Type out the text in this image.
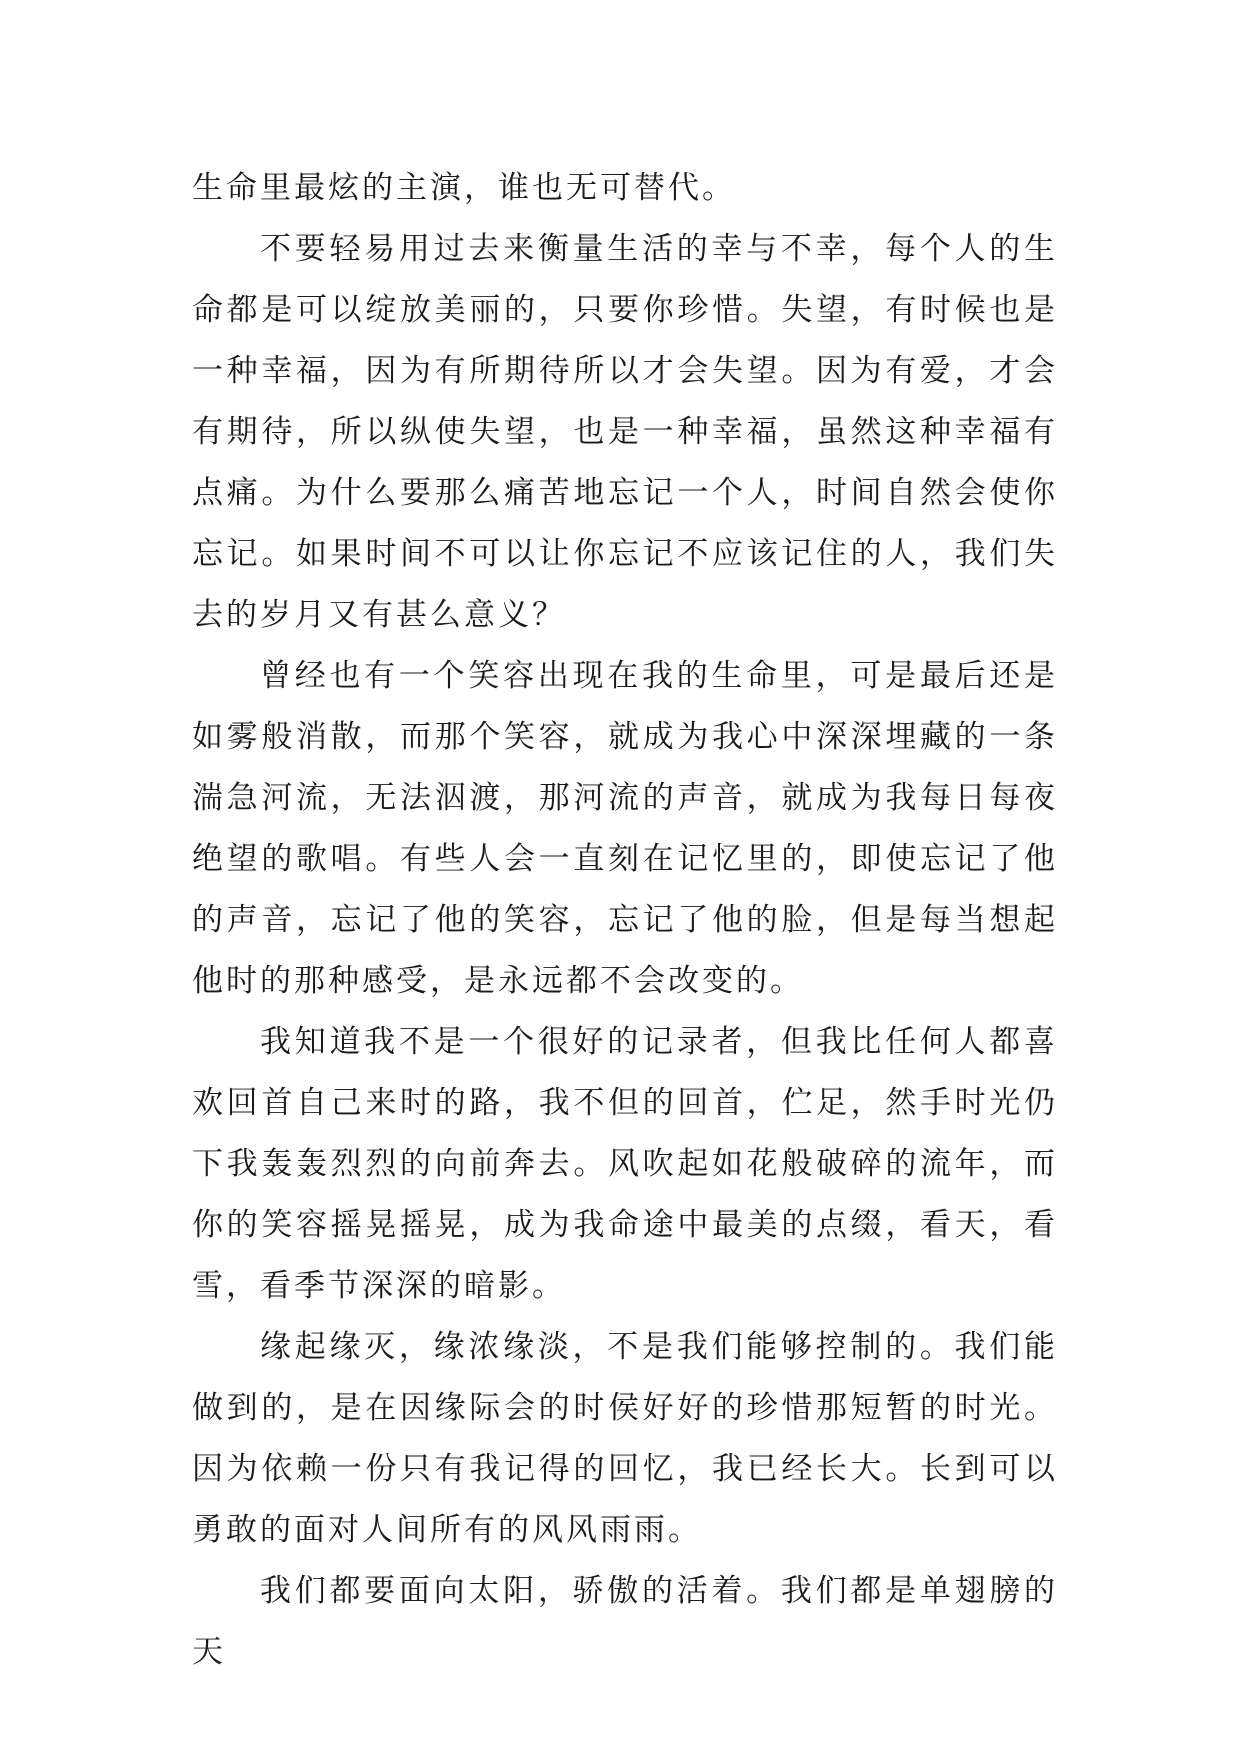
生命里最炫的主演，谁也无可替代。

不要轻易用过去来衡量生活的幸与不幸，每个人的生命都是可以绽放美丽的，只要你珍惜。失望，有时候也是一种幸福，因为有所期待所以才会失望。因为有爱，才会有期待，所以纵使失望，也是一种幸福，虽然这种幸福有点痛。为什么要那么痛苦地忘记一个人，时间自然会使你忘记。如果时间不可以让你忘记不应该记住的人，我们失去的岁月又有甚么意义？

曾经也有一个笑容出现在我的生命里，可是最后还是如雾般消散，而那个笑容，就成为我心中深深埋藏的一条湍急河流，无法泅渡，那河流的声音，就成为我每日每夜绝望的歌唱。有些人会一直刻在记忆里的，即使忘记了他的声音，忘记了他的笑容，忘记了他的脸，但是每当想起他时的那种感受，是永远都不会改变的。

我知道我不是一个很好的记录者，但我比任何人都喜欢回首自己来时的路，我不但的回首，伫足，然手时光仍下我轰轰烈烈的向前奔去。风吹起如花般破碎的流年，而你的笑容摇晃摇晃，成为我命途中最美的点缀，看天，看雪，看季节深深的暗影。

缘起缘灭，缘浓缘淡，不是我们能够控制的。我们能做到的，是在因缘际会的时侯好好的珍惜那短暂的时光。因为依赖一份只有我记得的回忆，我已经长大。长到可以勇敢的面对人间所有的风风雨雨。

我们都要面向太阳，骄傲的活着。我们都是单翅膀的天
